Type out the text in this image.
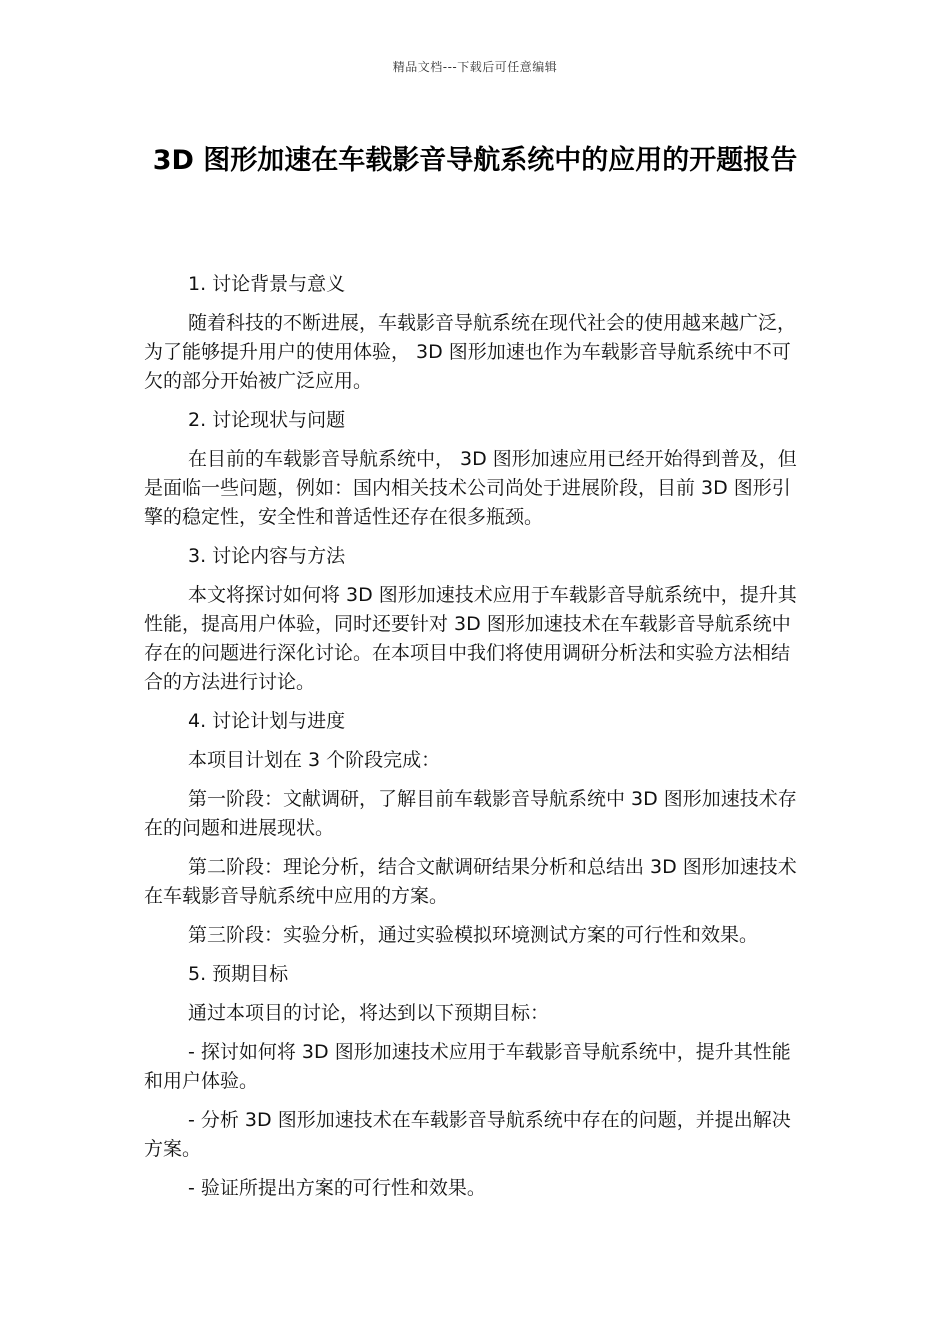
精品文档---下载后可任意编辑
3D 图形加速在车载影音导航系统中的应用的开题报告

1. 讨论背景与意义

随着科技的不断进展，车载影音导航系统在现代社会的使用越来越广泛， 为了能够提升用户的使用体验， 3D 图形加速也作为车载影音导航系统中不可欠的部分开始被广泛应用。

2. 讨论现状与问题

在目前的车载影音导航系统中， 3D 图形加速应用已经开始得到普及，但是面临一些问题，例如：国内相关技术公司尚处于进展阶段，目前 3D 图形引擎的稳定性，安全性和普适性还存在很多瓶颈。

3. 讨论内容与方法

本文将探讨如何将 3D 图形加速技术应用于车载影音导航系统中，提升其性能，提高用户体验，同时还要针对 3D 图形加速技术在车载影音导航系统中存在的问题进行深化讨论。在本项目中我们将使用调研分析法和实验方法相结合的方法进行讨论。

4. 讨论计划与进度

本项目计划在 3 个阶段完成：

第一阶段：文献调研，了解目前车载影音导航系统中 3D 图形加速技术存在的问题和进展现状。

第二阶段：理论分析，结合文献调研结果分析和总结出 3D 图形加速技术在车载影音导航系统中应用的方案。

第三阶段：实验分析，通过实验模拟环境测试方案的可行性和效果。

5. 预期目标

通过本项目的讨论，将达到以下预期目标：

- 探讨如何将 3D 图形加速技术应用于车载影音导航系统中，提升其性能和用户体验。

- 分析 3D 图形加速技术在车载影音导航系统中存在的问题，并提出解决方案。

- 验证所提出方案的可行性和效果。
